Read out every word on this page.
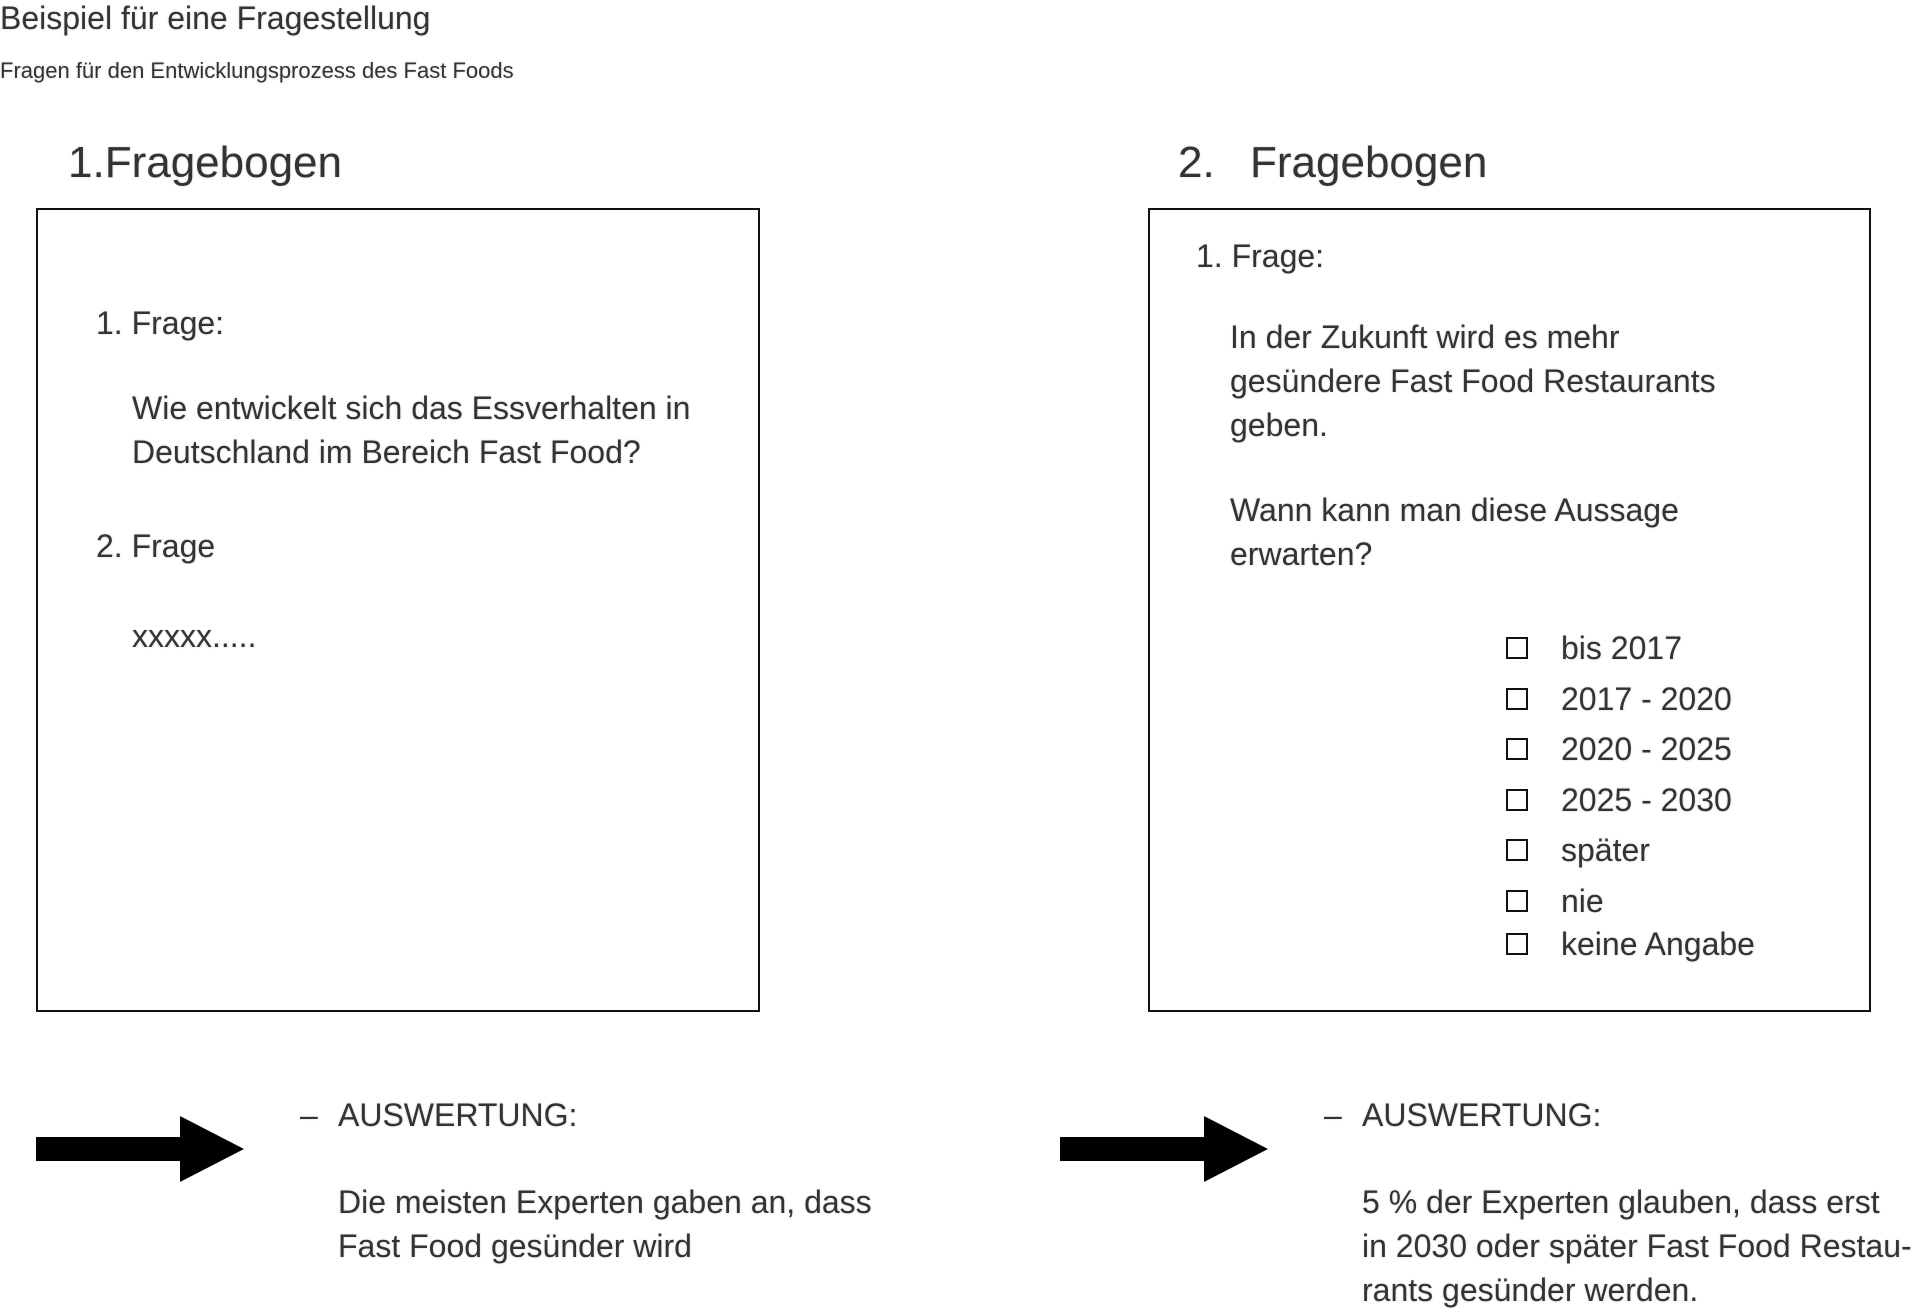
Beispiel für eine Fragestellung
Fragen für den Entwicklungsprozess des Fast Foods
1.Fragebogen
1. Frage:
Wie entwickelt sich das Essverhalten in
Deutschland im Bereich Fast Food?
2. Frage
xxxxx.....
2. Fragebogen
1. Frage:
In der Zukunft wird es mehr
gesündere Fast Food Restaurants
geben.
Wann kann man diese Aussage
erwarten?
bis 2017
2017 - 2020
2020 - 2025
2025 - 2030
später
nie
keine Angabe
– AUSWERTUNG:
Die meisten Experten gaben an, dass
Fast Food gesünder wird
– AUSWERTUNG:
5 % der Experten glauben, dass erst
in 2030 oder später Fast Food Restau-
rants gesünder werden.
